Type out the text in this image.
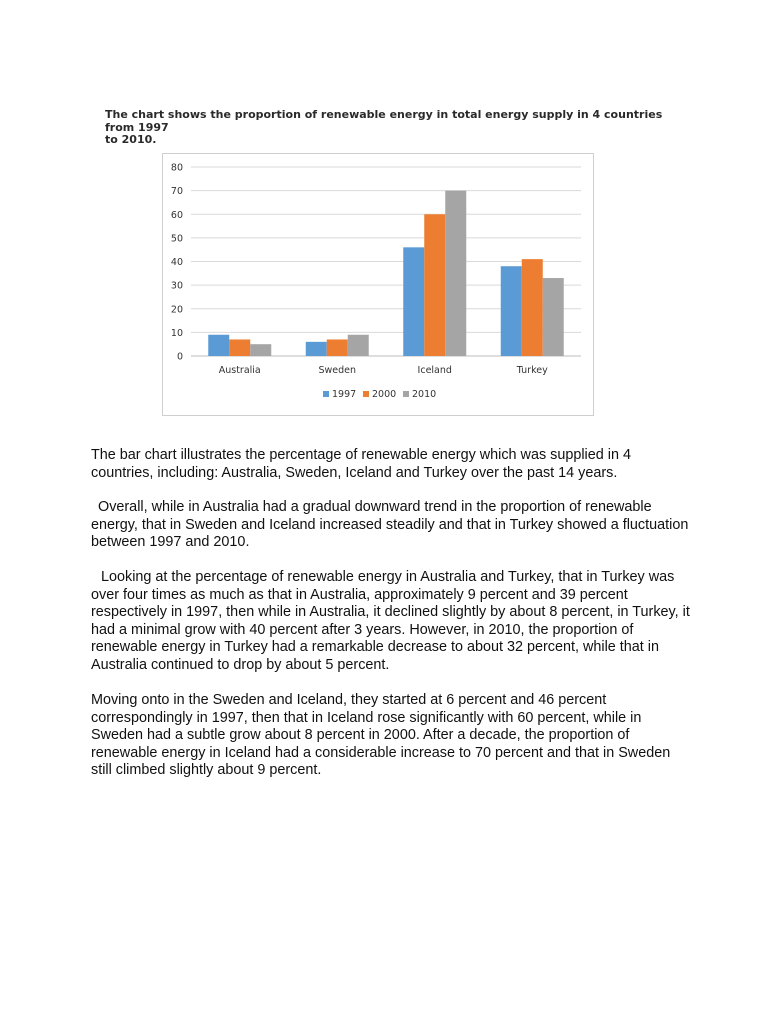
The chart shows the proportion of renewable energy in total energy supply in 4 countries from 1997

to 2010.

0
10
20
30
40
50
60
70
80
Australia	Sweden	Iceland	Turkey
1997 2000 2010

The bar chart illustrates the percentage of renewable energy which was supplied in 4 countries, including: Australia, Sweden, Iceland and Turkey over the past 14 years.

Overall, while in Australia had a gradual downward trend in the proportion of renewable energy, that in Sweden and Iceland increased steadily and that in Turkey showed a fluctuation between 1997 and 2010.

Looking at the percentage of renewable energy in Australia and Turkey, that in Turkey was over four times as much as that in Australia, approximately 9 percent and 39 percent respectively in 1997, then while in Australia, it declined slightly by about 8 percent, in Turkey, it had a minimal grow with 40 percent after 3 years. However, in 2010, the proportion of renewable energy in Turkey had a remarkable decrease to about 32 percent, while that in Australia continued to drop by about 5 percent.

Moving onto in the Sweden and Iceland, they started at 6 percent and 46 percent correspondingly in 1997, then that in Iceland rose significantly with 60 percent, while in Sweden had a subtle grow about 8 percent in 2000. After a decade, the proportion of renewable energy in Iceland had a considerable increase to 70 percent and that in Sweden still climbed slightly about 9 percent.
